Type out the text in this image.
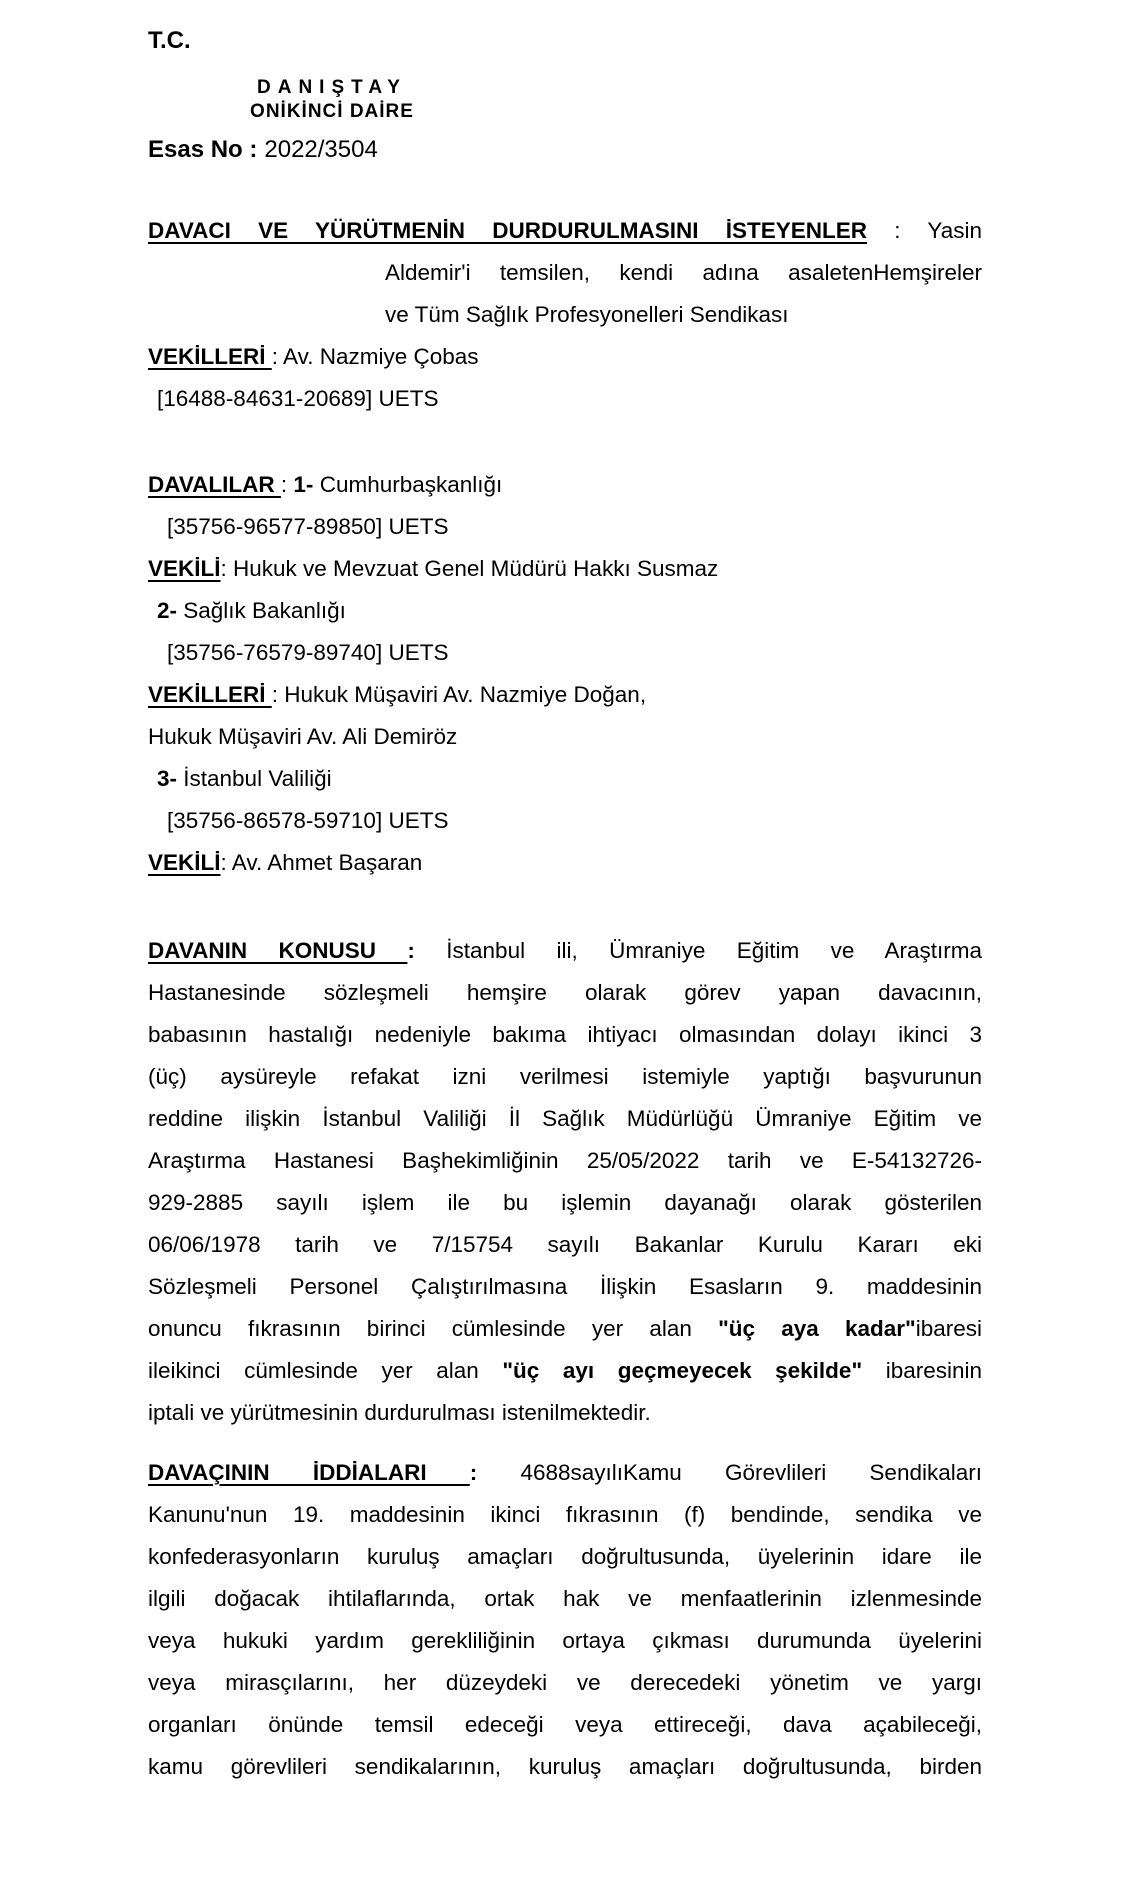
T.C.
DANIŞTAY
ONİKİNCİ DAİRE
Esas No : 2022/3504
DAVACI VE YÜRÜTMENİN DURDURULMASINI İSTEYENLER : Yasin
Aldemir'i temsilen, kendi adına asaletenHemşireler
ve Tüm Sağlık Profesyonelleri Sendikası
VEKİLLERİ : Av. Nazmiye Çobas
[16488-84631-20689] UETS
DAVALILAR : 1- Cumhurbaşkanlığı
[35756-96577-89850] UETS
VEKİLİ: Hukuk ve Mevzuat Genel Müdürü Hakkı Susmaz
2- Sağlık Bakanlığı
[35756-76579-89740] UETS
VEKİLLERİ : Hukuk Müşaviri Av. Nazmiye Doğan,
Hukuk Müşaviri Av. Ali Demiröz
3- İstanbul Valiliği
[35756-86578-59710] UETS
VEKİLİ: Av. Ahmet Başaran
DAVANIN KONUSU : İstanbul ili, Ümraniye Eğitim ve Araştırma
Hastanesinde sözleşmeli hemşire olarak görev yapan davacının,
babasının hastalığı nedeniyle bakıma ihtiyacı olmasından dolayı ikinci 3
(üç) aysüreyle refakat izni verilmesi istemiyle yaptığı başvurunun
reddine ilişkin İstanbul Valiliği İl Sağlık Müdürlüğü Ümraniye Eğitim ve
Araştırma Hastanesi Başhekimliğinin 25/05/2022 tarih ve E-54132726-
929-2885 sayılı işlem ile bu işlemin dayanağı olarak gösterilen
06/06/1978 tarih ve 7/15754 sayılı Bakanlar Kurulu Kararı eki
Sözleşmeli Personel Çalıştırılmasına İlişkin Esasların 9. maddesinin
onuncu fıkrasının birinci cümlesinde yer alan "üç aya kadar"ibaresi
ileikinci cümlesinde yer alan "üç ayı geçmeyecek şekilde" ibaresinin
iptali ve yürütmesinin durdurulması istenilmektedir.
DAVAÇININ İDDİALARI : 4688sayılıKamu Görevlileri Sendikaları
Kanunu'nun 19. maddesinin ikinci fıkrasının (f) bendinde, sendika ve
konfederasyonların kuruluş amaçları doğrultusunda, üyelerinin idare ile
ilgili doğacak ihtilaflarında, ortak hak ve menfaatlerinin izlenmesinde
veya hukuki yardım gerekliliğinin ortaya çıkması durumunda üyelerini
veya mirasçılarını, her düzeydeki ve derecedeki yönetim ve yargı
organları önünde temsil edeceği veya ettireceği, dava açabileceği,
kamu görevlileri sendikalarının, kuruluş amaçları doğrultusunda, birden
